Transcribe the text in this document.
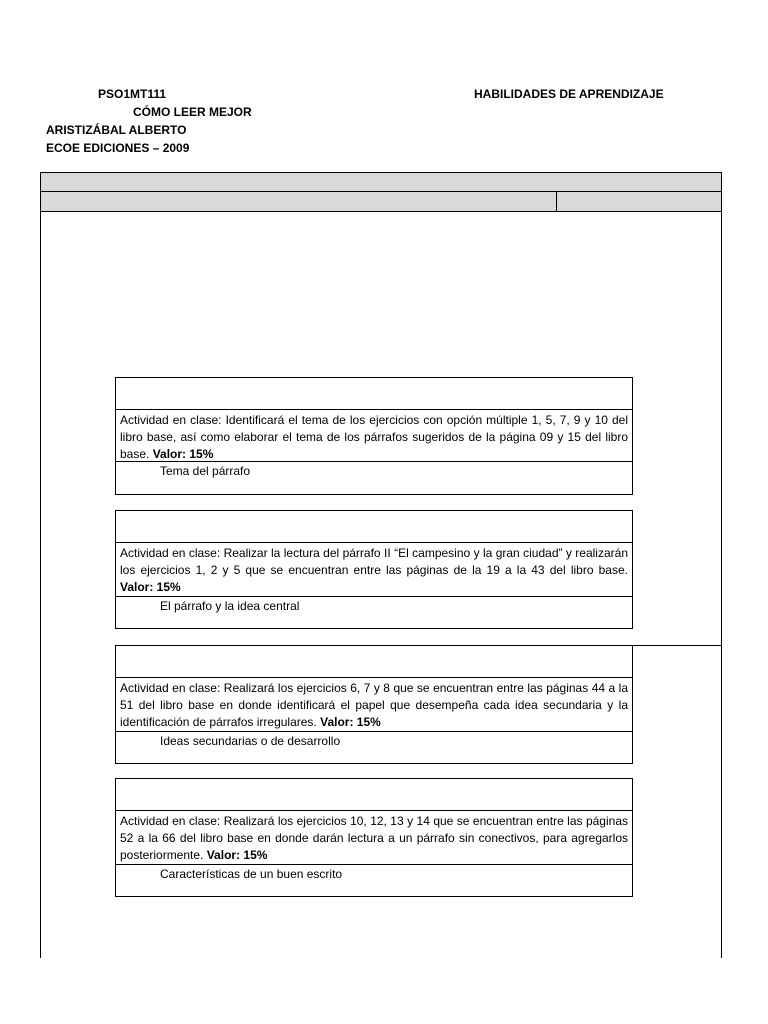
PSO1MT111
CÓMO LEER MEJOR
ARISTIZÁBAL ALBERTO
ECOE EDICIONES – 2009
HABILIDADES DE APRENDIZAJE
Actividad en clase: Identificará el tema de los ejercicios con opción múltiple 1, 5, 7, 9 y 10 del libro base, así como elaborar el tema de los párrafos sugeridos de la página 09 y 15 del libro base. Valor: 15%
Tema del párrafo
Actividad en clase: Realizar la lectura del párrafo II “El campesino y la gran ciudad” y realizarán los ejercicios 1, 2 y 5 que se encuentran entre las páginas de la 19 a la 43 del libro base. Valor: 15%
El párrafo y la idea central
Actividad en clase: Realizará los ejercicios 6, 7 y 8 que se encuentran entre las páginas 44 a la 51 del libro base en donde identificará el papel que desempeña cada idea secundaria y la identificación de párrafos irregulares. Valor: 15%
Ideas secundarias o de desarrollo
Actividad en clase: Realizará los ejercicios 10, 12, 13 y 14 que se encuentran entre las páginas 52 a la 66 del libro base en donde darán lectura a un párrafo sin conectivos, para agregarlos posteriormente. Valor: 15%
Características de un buen escrito
